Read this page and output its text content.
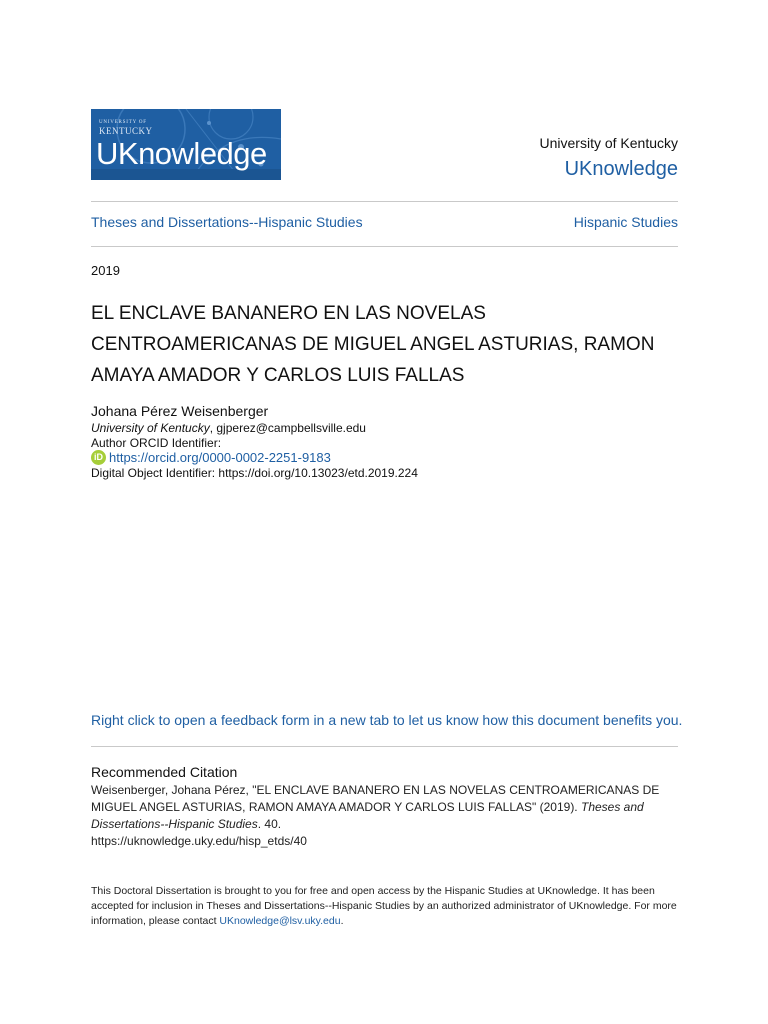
UNIVERSITY OF
KENTUCKY
UKnowledge	University of Kentucky
UKnowledge
Theses and Dissertations--Hispanic Studies	Hispanic Studies
2019
EL ENCLAVE BANANERO EN LAS NOVELAS
CENTROAMERICANAS DE MIGUEL ANGEL ASTURIAS, RAMON
AMAYA AMADOR Y CARLOS LUIS FALLAS
Johana Pérez Weisenberger
University of Kentucky, gjperez@campbellsville.edu
Author ORCID Identifier:
iD https://orcid.org/0000-0002-2251-9183
Digital Object Identifier: https://doi.org/10.13023/etd.2019.224
Right click to open a feedback form in a new tab to let us know how this document benefits you.
Recommended Citation
Weisenberger, Johana Pérez, "EL ENCLAVE BANANERO EN LAS NOVELAS CENTROAMERICANAS DE MIGUEL ANGEL ASTURIAS, RAMON AMAYA AMADOR Y CARLOS LUIS FALLAS" (2019). Theses and Dissertations--Hispanic Studies. 40.
https://uknowledge.uky.edu/hisp_etds/40
This Doctoral Dissertation is brought to you for free and open access by the Hispanic Studies at UKnowledge. It has been accepted for inclusion in Theses and Dissertations--Hispanic Studies by an authorized administrator of UKnowledge. For more information, please contact UKnowledge@lsv.uky.edu.
